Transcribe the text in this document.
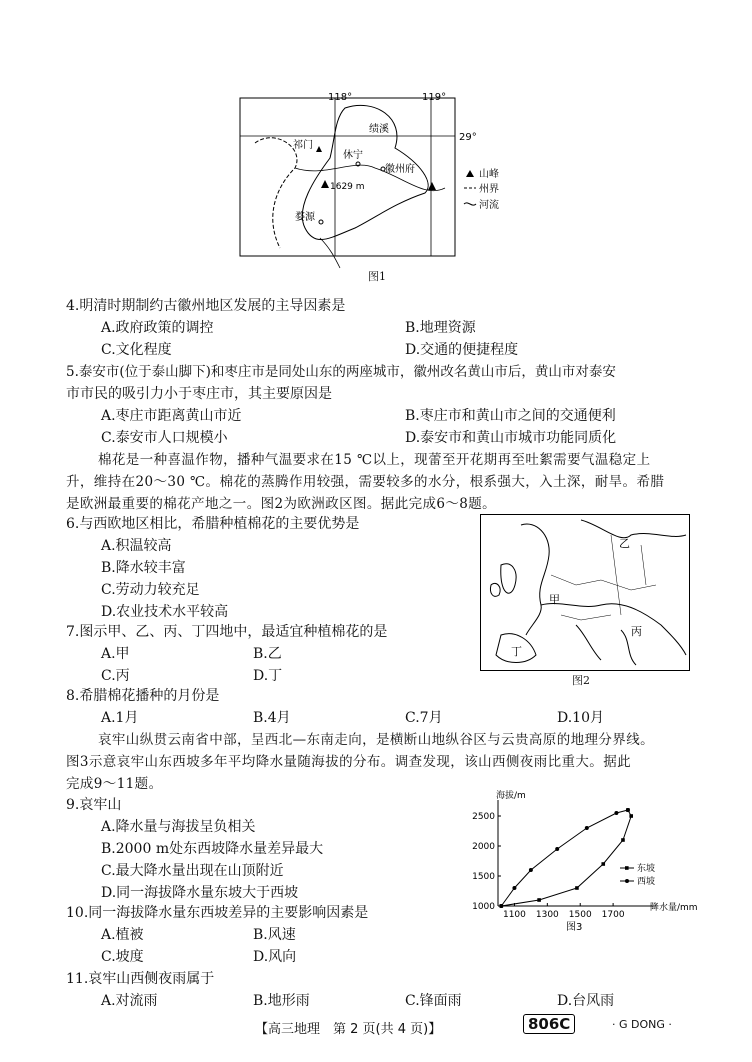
118°	119°
29°
绩溪
祁门
休宁
徽州府
1629 m
婺源
山峰
州界
河流
图1
4.明清时期制约古徽州地区发展的主导因素是
A.政府政策的调控	B.地理资源
C.文化程度	D.交通的便捷程度
5.泰安市(位于泰山脚下)和枣庄市是同处山东的两座城市，徽州改名黄山市后，黄山市对泰安
市市民的吸引力小于枣庄市，其主要原因是
A.枣庄市距离黄山市近	B.枣庄市和黄山市之间的交通便利
C.泰安市人口规模小	D.泰安市和黄山市城市功能同质化
棉花是一种喜温作物，播种气温要求在15 ℃以上，现蕾至开花期再至吐絮需要气温稳定上
升，维持在20～30 ℃。棉花的蒸腾作用较强，需要较多的水分，根系强大，入土深，耐旱。希腊
是欧洲最重要的棉花产地之一。图2为欧洲政区图。据此完成6～8题。
甲
乙
丙
丁
图2
6.与西欧地区相比，希腊种植棉花的主要优势是
A.积温较高
B.降水较丰富
C.劳动力较充足
D.农业技术水平较高
7.图示甲、乙、丙、丁四地中，最适宜种植棉花的是
A.甲	B.乙
C.丙	D.丁
8.希腊棉花播种的月份是
A.1月	B.4月	C.7月	D.10月
哀牢山纵贯云南省中部，呈西北—东南走向，是横断山地纵谷区与云贵高原的地理分界线。
图3示意哀牢山东西坡多年平均降水量随海拔的分布。调查发现，该山西侧夜雨比重大。据此
完成9～11题。
9.哀牢山
A.降水量与海拔呈负相关
B.2000 m处东西坡降水量差异最大
C.最大降水量出现在山顶附近
D.同一海拔降水量东坡大于西坡
10.同一海拔降水量东西坡差异的主要影响因素是
A.植被	B.风速
C.坡度	D.风向
11.哀牢山西侧夜雨属于
A.对流雨	B.地形雨	C.锋面雨	D.台风雨
海拔/m
降水量/mm
1000
1500
2000
2500
1100 1300 1500 1700
东坡
西坡
图3
【高三地理　第 2 页(共 4 页)】	806C	· G DONG ·
